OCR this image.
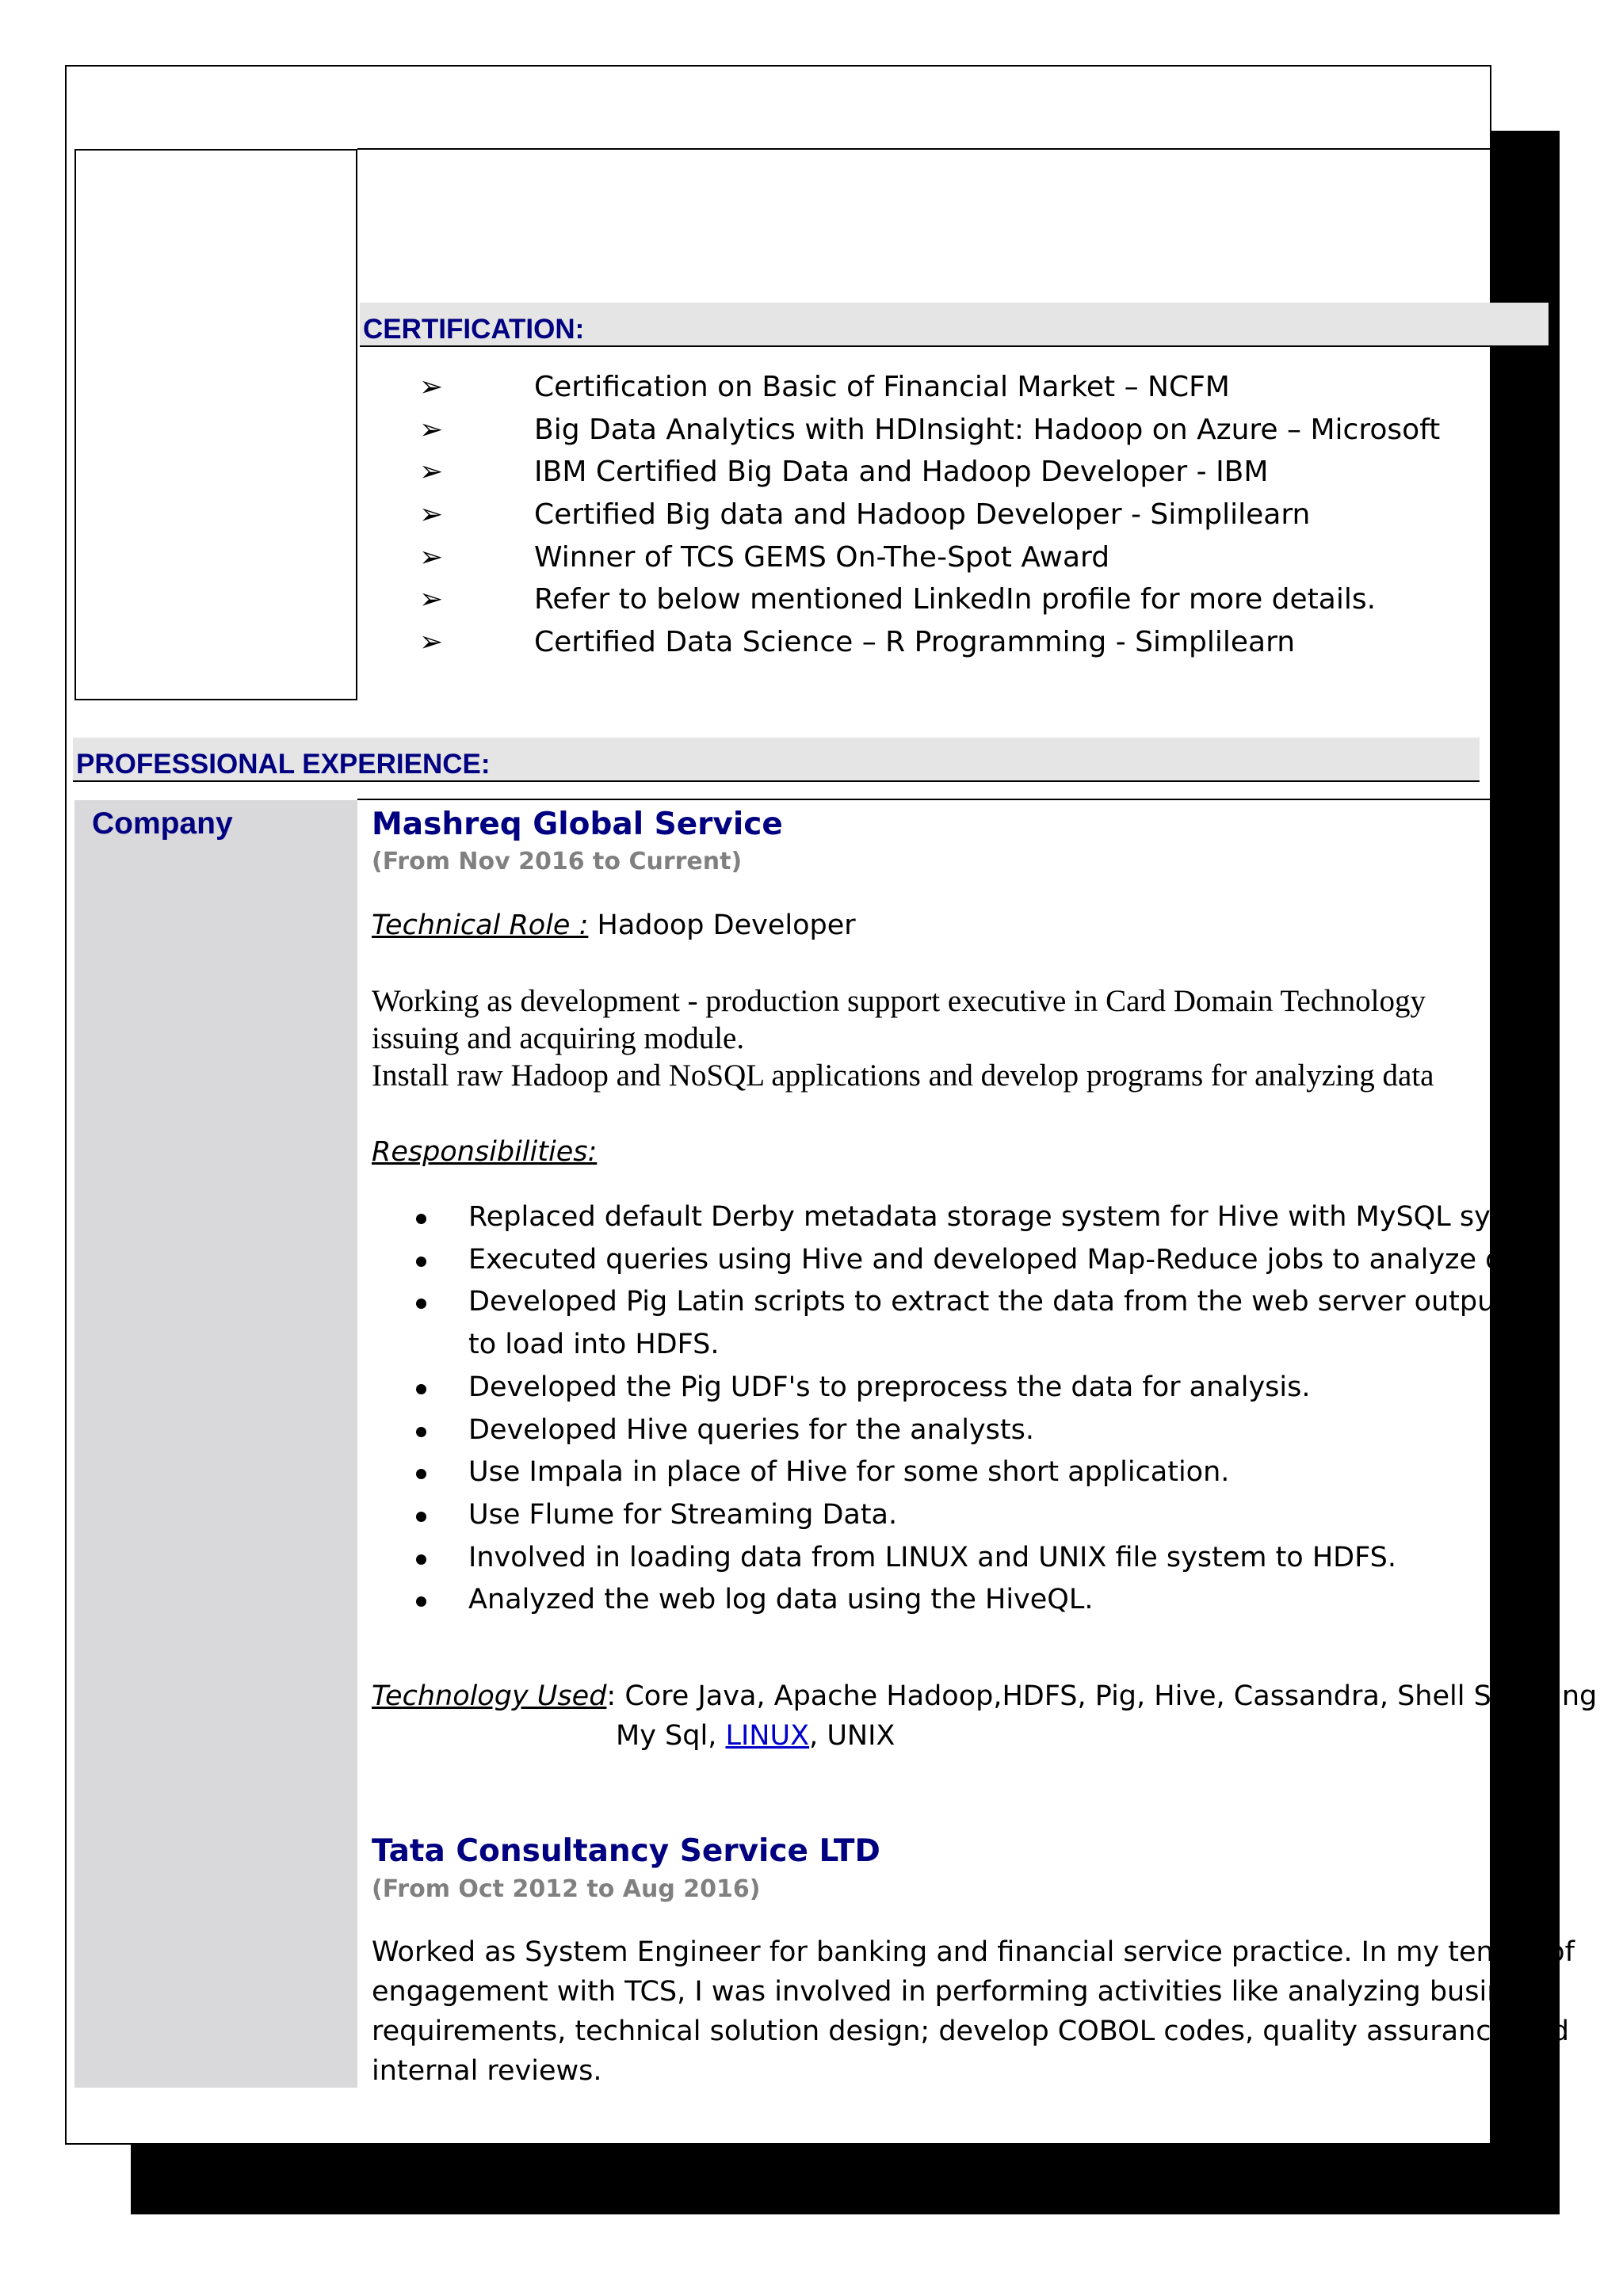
CERTIFICATION:
➢	Certification on Basic of Financial Market – NCFM
➢	Big Data Analytics with HDInsight: Hadoop on Azure – Microsoft
➢	IBM Certified Big Data and Hadoop Developer - IBM
➢	Certified Big data and Hadoop Developer - Simplilearn
➢	Winner of TCS GEMS On-The-Spot Award
➢	Refer to below mentioned LinkedIn profile for more details.
➢	Certified Data Science – R Programming - Simplilearn
PROFESSIONAL EXPERIENCE:
Company	Mashreq Global Service
(From Nov 2016 to Current)
Technical Role : Hadoop Developer
Working as development - production support executive in Card Domain Technology
issuing and acquiring module.
Install raw Hadoop and NoSQL applications and develop programs for analyzing data
Responsibilities:
Replaced default Derby metadata storage system for Hive with MySQL system
Executed queries using Hive and developed Map-Reduce jobs to analyze data
Developed Pig Latin scripts to extract the data from the web server output file
to load into HDFS.
Developed the Pig UDF's to preprocess the data for analysis.
Developed Hive queries for the analysts.
Use Impala in place of Hive for some short application.
Use Flume for Streaming Data.
Involved in loading data from LINUX and UNIX file system to HDFS.
Analyzed the web log data using the HiveQL.
Technology Used: Core Java, Apache Hadoop,HDFS, Pig, Hive, Cassandra, Shell Scripting
My Sql, LINUX, UNIX
Tata Consultancy Service LTD
(From Oct 2012 to Aug 2016)
Worked as System Engineer for banking and financial service practice. In my tenure of
engagement with TCS, I was involved in performing activities like analyzing business
requirements, technical solution design; develop COBOL codes, quality assurance and
internal reviews.
